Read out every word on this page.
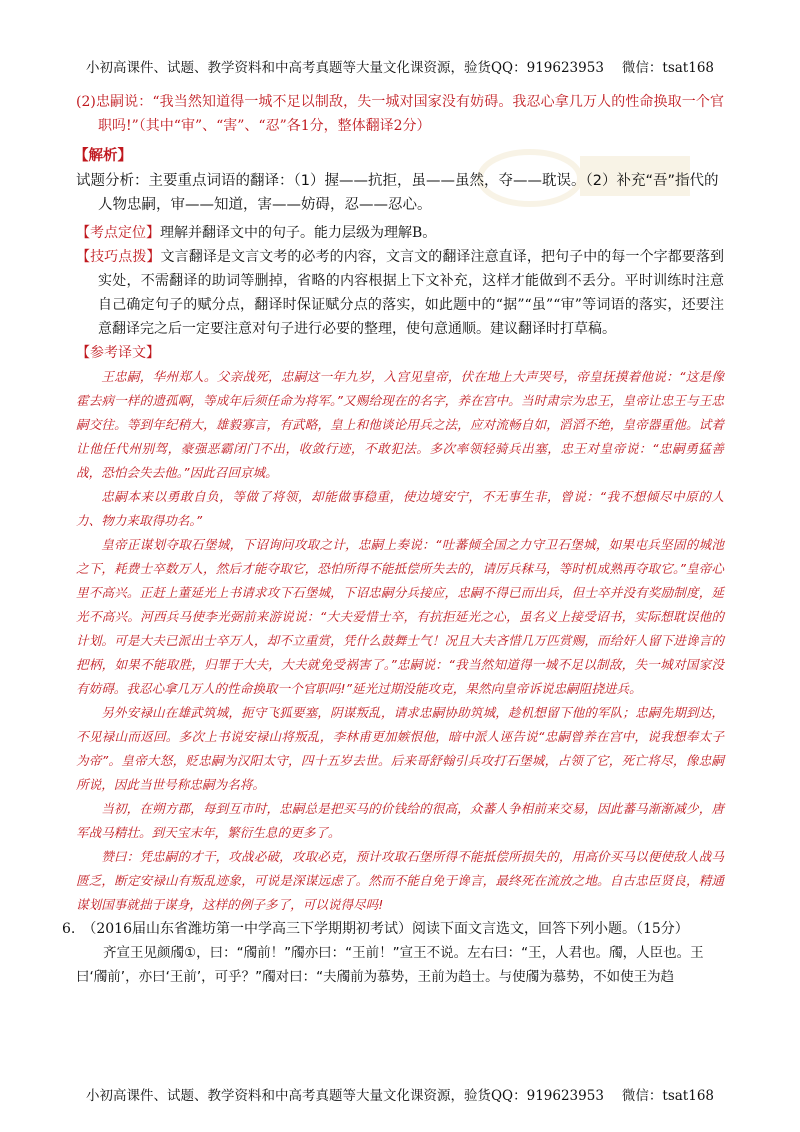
小初高课件、试题、教学资料和中高考真题等大量文化课资源，验货QQ：919623953 微信：tsat168

(2)忠嗣说：“我当然知道得一城不足以制敌，失一城对国家没有妨碍。我忍心拿几万人的性命换取一个官职吗!”（其中“审”、“害”、“忍”各1分，整体翻译2分）

【解析】

试题分析：主要重点词语的翻译：（1）握——抗拒，虽——虽然，夺——耽误。（2）补充“吾”指代的人物忠嗣，审——知道，害——妨碍，忍——忍心。

【考点定位】理解并翻译文中的句子。能力层级为理解B。

【技巧点拨】文言翻译是文言文考的必考的内容，文言文的翻译注意直译，把句子中的每一个字都要落到实处，不需翻译的助词等删掉，省略的内容根据上下文补充，这样才能做到不丢分。平时训练时注意自己确定句子的赋分点，翻译时保证赋分点的落实，如此题中的“据”“虽”“审”等词语的落实，还要注意翻译完之后一定要注意对句子进行必要的整理，使句意通顺。建议翻译时打草稿。

【参考译文】

王忠嗣，华州郑人。父亲战死，忠嗣这一年九岁，入宫见皇帝，伏在地上大声哭号，帝皇抚摸着他说：“这是像霍去病一样的遗孤啊，等成年后须任命为将军。”又赐给现在的名字，养在宫中。当时肃宗为忠王，皇帝让忠王与王忠嗣交往。等到年纪稍大，雄毅寡言，有武略，皇上和他谈论用兵之法，应对流畅自如，滔滔不绝，皇帝器重他。试着让他任代州别驾，豪强恶霸闭门不出，收敛行迹，不敢犯法。多次率领轻骑兵出塞，忠王对皇帝说：“忠嗣勇猛善战，恐怕会失去他。”因此召回京城。

忠嗣本来以勇敢自负，等做了将领，却能做事稳重，使边境安宁，不无事生非，曾说：“我不想倾尽中原的人力、物力来取得功名。”

皇帝正谋划夺取石堡城，下诏询问攻取之计，忠嗣上奏说：“吐蕃倾全国之力守卫石堡城，如果屯兵坚固的城池之下，耗费士卒数万人，然后才能夺取它，恐怕所得不能抵偿所失去的，请厉兵秣马，等时机成熟再夺取它。”皇帝心里不高兴。正赶上董延光上书请求攻下石堡城，下诏忠嗣分兵接应，忠嗣不得已而出兵，但士卒并没有奖励制度，延光不高兴。河西兵马使李光弼前来游说说：“大夫爱惜士卒，有抗拒延光之心，虽名义上接受诏书，实际想耽误他的计划。可是大夫已派出士卒万人，却不立重赏，凭什么鼓舞士气！况且大夫吝惜几万匹赏赐，而给奸人留下进谗言的把柄，如果不能取胜，归罪于大夫，大夫就免受祸害了。”忠嗣说：“我当然知道得一城不足以制敌，失一城对国家没有妨碍。我忍心拿几万人的性命换取一个官职吗!”延光过期没能攻克，果然向皇帝诉说忠嗣阻挠进兵。

另外安禄山在雄武筑城，扼守飞狐要塞，阴谋叛乱，请求忠嗣协助筑城，趁机想留下他的军队；忠嗣先期到达，不见禄山而返回。多次上书说安禄山将叛乱，李林甫更加嫉恨他，暗中派人诬告说“忠嗣曾养在宫中，说我想奉太子为帝”。皇帝大怒，贬忠嗣为汉阳太守，四十五岁去世。后来哥舒翰引兵攻打石堡城，占领了它，死亡将尽，像忠嗣所说，因此当世号称忠嗣为名将。

当初，在朔方郡，每到互市时，忠嗣总是把买马的价钱给的很高，众蕃人争相前来交易，因此蕃马渐渐减少，唐军战马精壮。到天宝末年，繁衍生息的更多了。

赞曰：凭忠嗣的才干，攻战必破，攻取必克，预计攻取石堡所得不能抵偿所损失的，用高价买马以便使敌人战马匮乏，断定安禄山有叛乱迹象，可说是深谋远虑了。然而不能自免于谗言，最终死在流放之地。自古忠臣贤良，精通谋划国事就拙于谋身，这样的例子多了，可以说得尽吗!

6.　（2016届山东省潍坊第一中学高三下学期期初考试）阅读下面文言选文，回答下列小题。（15分）

齐宣王见颜斶①，曰：“斶前！”斶亦曰：“王前！”宣王不说。左右曰：“王，人君也。斶，人臣也。王曰‘斶前’，亦曰‘王前’，可乎？”斶对曰：“夫斶前为慕势，王前为趋士。与使斶为慕势，不如使王为趋

小初高课件、试题、教学资料和中高考真题等大量文化课资源，验货QQ：919623953 微信：tsat168
